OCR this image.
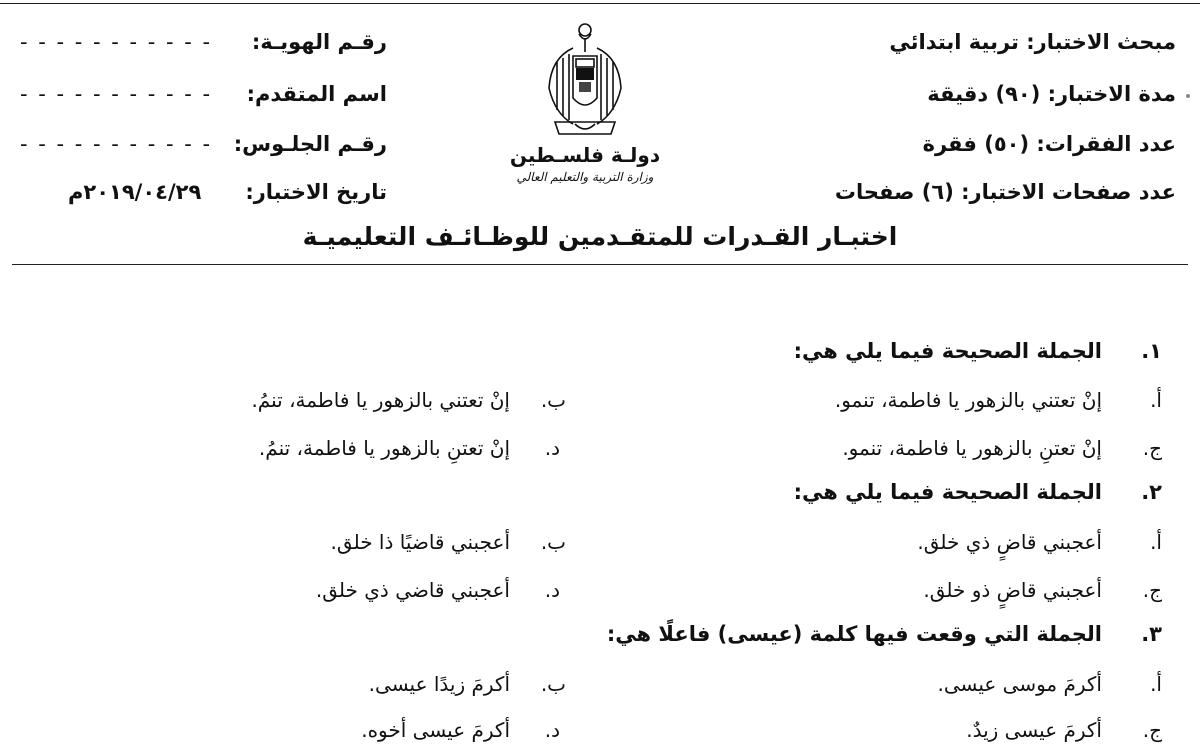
مبحث الاختبار: تربية ابتدائي
مدة الاختبار: (٩٠) دقيقة
عدد الفقرات: (٥٠) فقرة
عدد صفحات الاختبار: (٦) صفحات
رقـم الهويـة:
- - - - - - - - - - -
اسم المتقدم:
- - - - - - - - - - -
رقـم الجلـوس:
- - - - - - - - - - -
تاريخ الاختبار:
٢٠١٩/٠٤/٢٩م
دولـة فلسـطين
وزارة التربية والتعليم العالي
اختبـار القـدرات للمتقـدمين للوظـائـف التعليميـة
١.
الجملة الصحيحة فيما يلي هي:
أ.
إنْ تعتني بالزهور يا فاطمة، تنمو.
ب.
إنْ تعتني بالزهور يا فاطمة، تنمُ.
ج.
إنْ تعتنِ بالزهور يا فاطمة، تنمو.
د.
إنْ تعتنِ بالزهور يا فاطمة، تنمُ.
٢.
الجملة الصحيحة فيما يلي هي:
أ.
أعجبني قاضٍ ذي خلق.
ب.
أعجبني قاضيًا ذا خلق.
ج.
أعجبني قاضٍ ذو خلق.
د.
أعجبني قاضي ذي خلق.
٣.
الجملة التي وقعت فيها كلمة (عيسى) فاعلًا هي:
أ.
أكرمَ موسى عيسى.
ب.
أكرمَ زيدًا عيسى.
ج.
أكرمَ عيسى زيدٌ.
د.
أكرمَ عيسى أخوه.
